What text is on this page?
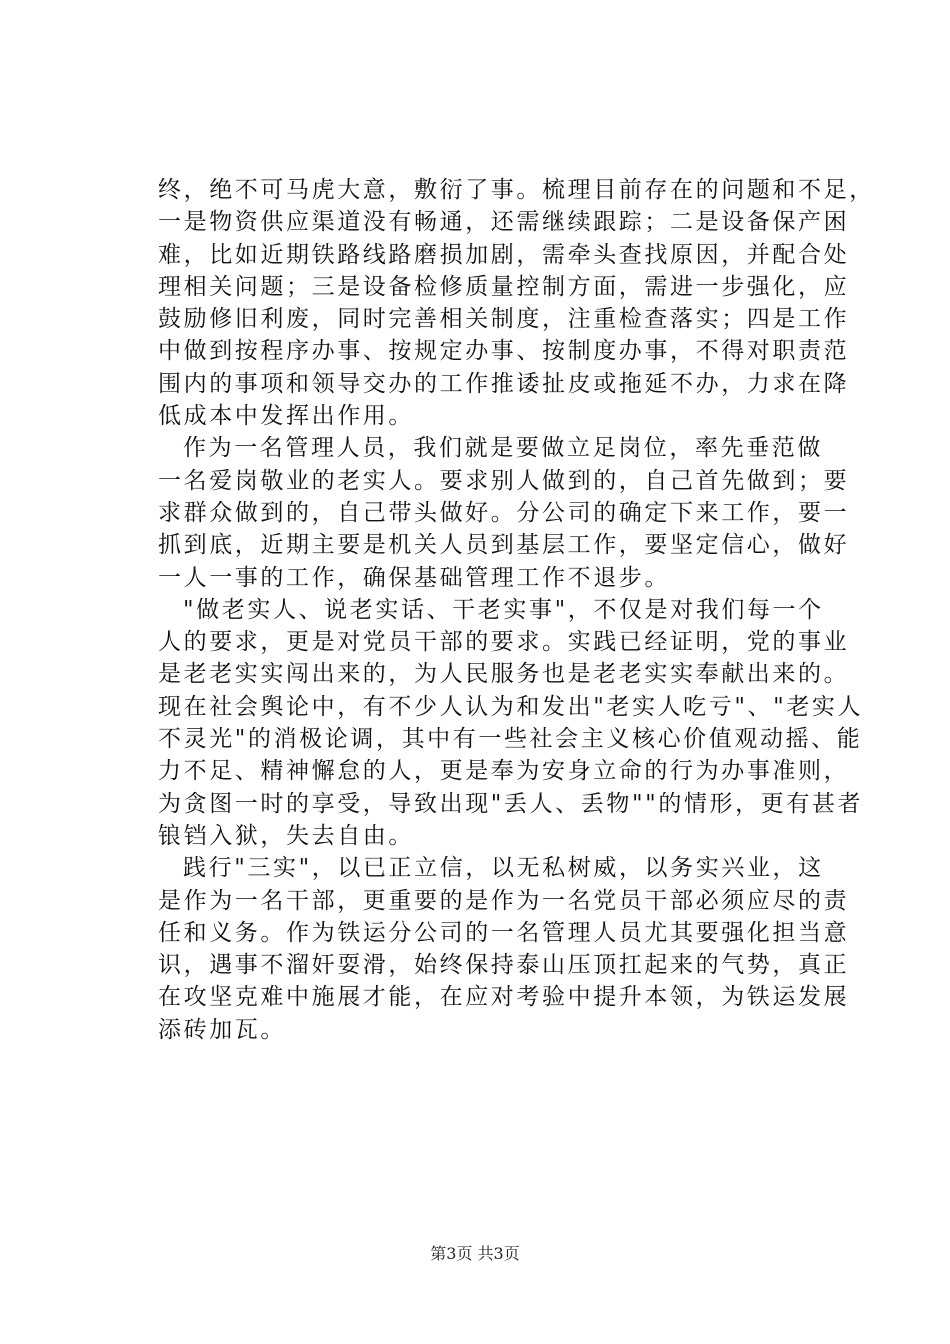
终，绝不可马虎大意，敷衍了事。梳理目前存在的问题和不足，
一是物资供应渠道没有畅通，还需继续跟踪；二是设备保产困
难，比如近期铁路线路磨损加剧，需牵头查找原因，并配合处
理相关问题；三是设备检修质量控制方面，需进一步强化，应
鼓励修旧利废，同时完善相关制度，注重检查落实；四是工作
中做到按程序办事、按规定办事、按制度办事，不得对职责范
围内的事项和领导交办的工作推诿扯皮或拖延不办，力求在降
低成本中发挥出作用。
作为一名管理人员，我们就是要做立足岗位，率先垂范做
一名爱岗敬业的老实人。要求别人做到的，自己首先做到；要
求群众做到的，自己带头做好。分公司的确定下来工作，要一
抓到底，近期主要是机关人员到基层工作，要坚定信心，做好
一人一事的工作，确保基础管理工作不退步。
"做老实人、说老实话、干老实事"，不仅是对我们每一个
人的要求，更是对党员干部的要求。实践已经证明，党的事业
是老老实实闯出来的，为人民服务也是老老实实奉献出来的。
现在社会舆论中，有不少人认为和发出"老实人吃亏"、"老实人
不灵光"的消极论调，其中有一些社会主义核心价值观动摇、能
力不足、精神懈怠的人，更是奉为安身立命的行为办事准则，
为贪图一时的享受，导致出现"丢人、丢物""的情形，更有甚者
锒铛入狱，失去自由。
践行"三实"，以已正立信，以无私树威，以务实兴业，这
是作为一名干部，更重要的是作为一名党员干部必须应尽的责
任和义务。作为铁运分公司的一名管理人员尤其要强化担当意
识，遇事不溜奸耍滑，始终保持泰山压顶扛起来的气势，真正
在攻坚克难中施展才能，在应对考验中提升本领，为铁运发展
添砖加瓦。
第3页 共3页
